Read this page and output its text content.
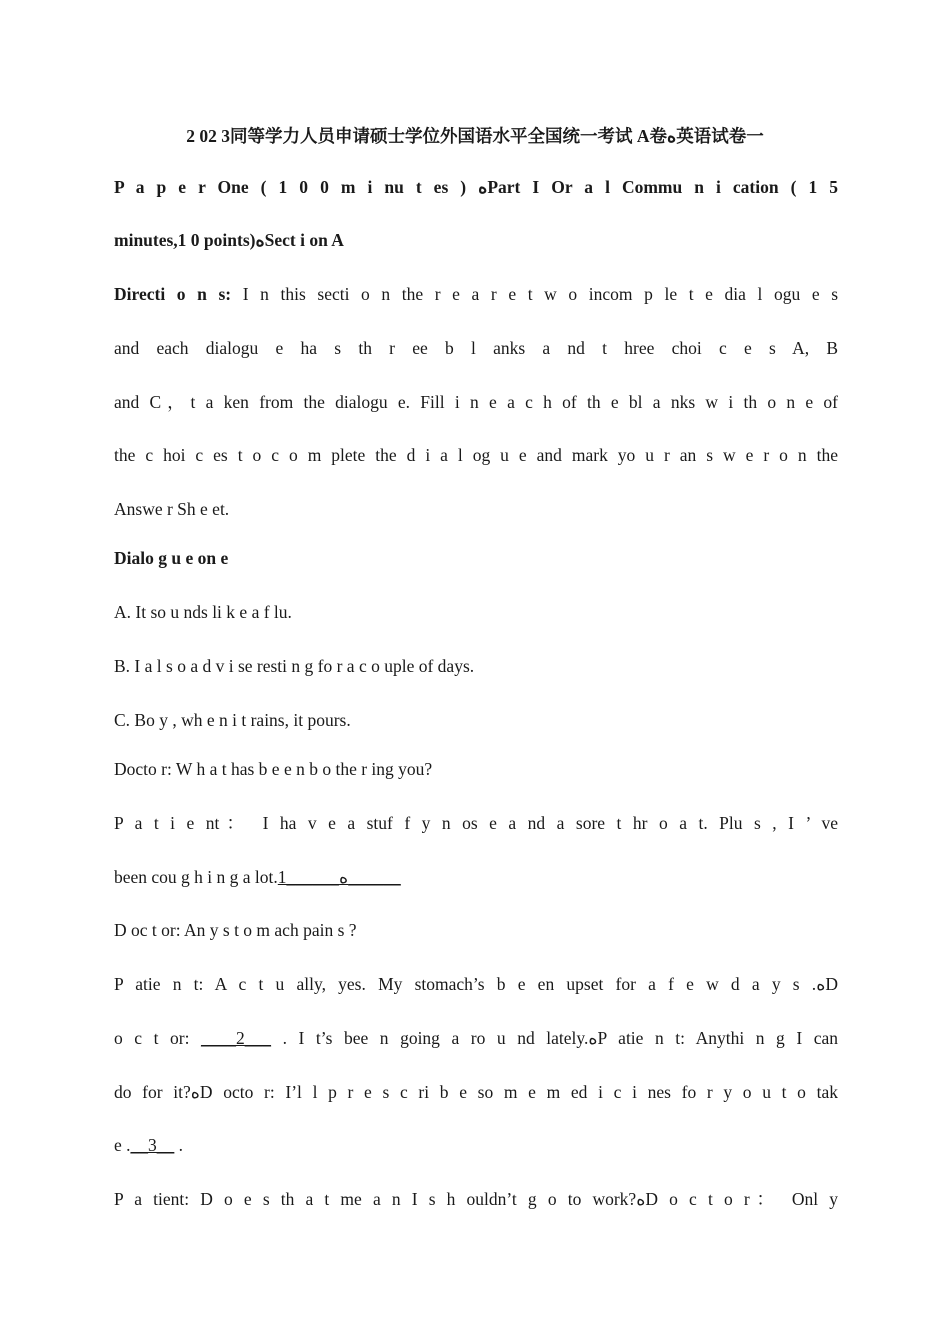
2 02 3同等学力人员申请硕士学位外国语水平全国统一考试 A卷ﻩ英语试卷一
P a p e r One ( 1 0 0 m i nu t es ) ﻩPart I Or a l Commu n i cation ( 1 5
minutes,1 0 points)ﻩSect i on A
Directi o n s: I n this secti o n the r e a r e t w o incom p le t e dia l ogu e s
and each dialogu e ha s th r ee b l anks a nd t hree choi c e s A, B
and C，t a ken from the dialogu e. Fill i n e a c h of th e bl a nks w i th o n e of
the c hoi c es t o c o m plete the d i a l og u e and mark yo u r an s w e r o n the
Answe r Sh e et.
Dialo g u e on e
A. It so u nds li k e a f lu.
B. I a l s o a d v i se resti n g fo r a c o uple of days.
C. Bo y , wh e n i t rains, it pours.
Docto r: W h a t has b e e n b o the r ing you?
P a t i e nt： I ha v e a stuf f y n os e a nd a sore t hr o a t. Plu s , I ’ ve
been cou g h i n g a lot.1______ﻩ______
D oc t or: An y s t o m ach pain s ?
P atie n t: A c t u ally, yes. My stomach’s b e en upset for a f e w d a y s .ﻩD
o c t or: ____2___ . I t’s bee n going a ro u nd lately.ﻩP atie n t: Anythi n g I can
do for it?ﻩD octo r: I’l l p r e s c ri b e so m e m ed i c i nes fo r y o u t o tak
e .__3__ .
P a tient: D o e s th a t me a n I s h ouldn’t g o to work?ﻩD o c t o r： Onl y
